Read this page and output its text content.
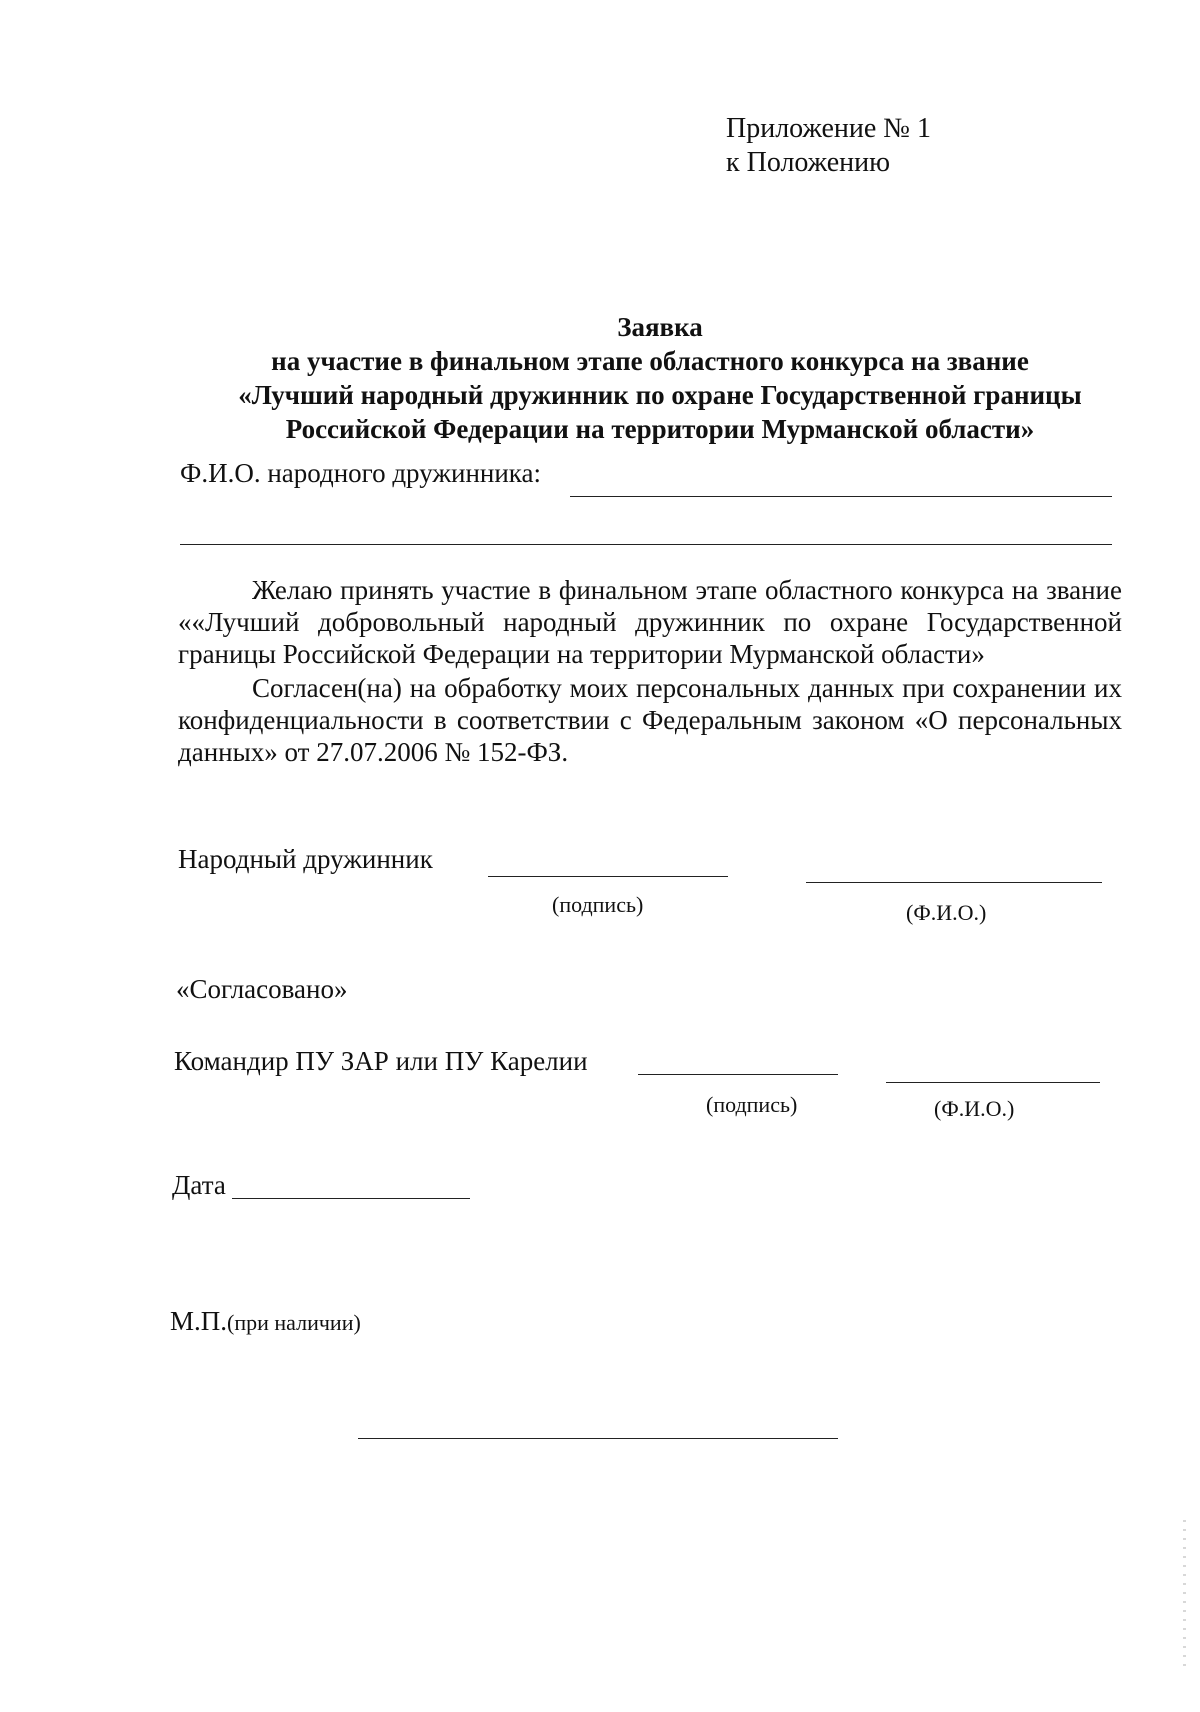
Приложение № 1
к Положению
Заявка
на участие в финальном этапе областного конкурса на звание
«Лучший народный дружинник по охране Государственной границы
Российской Федерации на территории Мурманской области»
Ф.И.О. народного дружинника:

Желаю принять участие в финальном этапе областного конкурса на звание ««Лучший добровольный народный дружинник по охране Государственной границы Российской Федерации на территории Мурманской области»

Согласен(на) на обработку моих персональных данных при сохранении их конфиденциальности в соответствии с Федеральным законом «О персональных данных» от 27.07.2006 № 152-ФЗ.

Народный дружинник
(подпись)	(Ф.И.О.)
«Согласовано»
Командир ПУ ЗАР или ПУ Карелии
(подпись)	(Ф.И.О.)
Дата
М.П.(при наличии)
